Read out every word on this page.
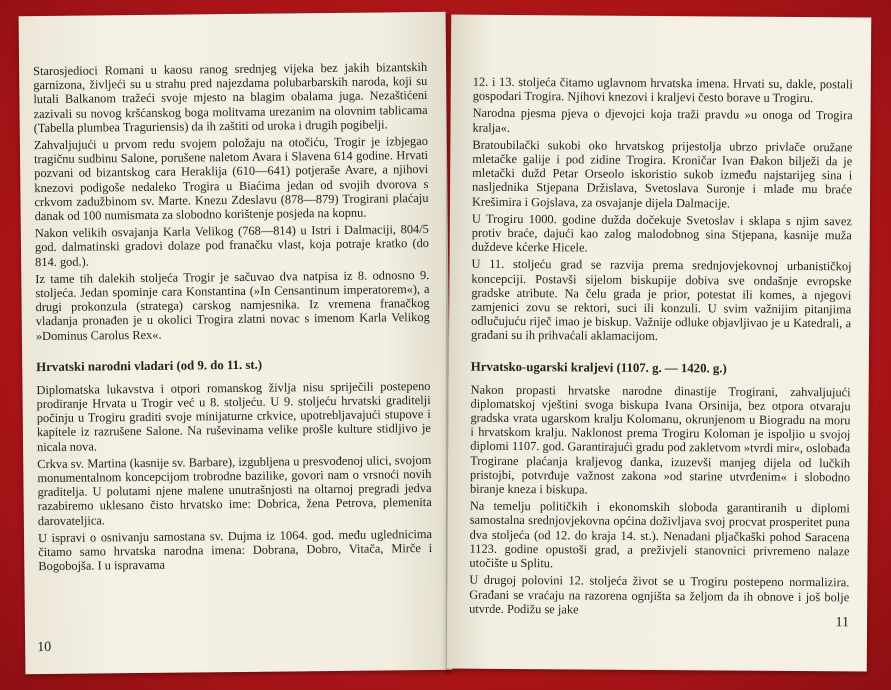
Starosjedioci Romani u kaosu ranog srednjeg vijeka bez jakih bizantskih garnizona, življeći su u strahu pred najezdama polubarbarskih naroda, koji su lutali Balkanom tražeći svoje mjesto na blagim obalama juga. Nezaštićeni zazivali su novog kršćanskog boga molitvama urezanim na olovnim tablicama (Tabella plumbea Traguriensis) da ih zaštiti od uroka i drugih pogibelji.

Zahvaljujući u prvom redu svojem položaju na otočiću, Trogir je izbjegao tragičnu sudbinu Salone, porušene naletom Avara i Slavena 614 godine. Hrvati pozvani od bizantskog cara Heraklija (610—641) potjeraše Avare, a njihovi knezovi podigoše nedaleko Trogira u Biaćima jedan od svojih dvorova s crkvom zadužbinom sv. Marte. Knezu Zdeslavu (878—879) Trogirani plaćaju danak od 100 numismata za slobodno korištenje posjeda na kopnu.

Nakon velikih osvajanja Karla Velikog (768—814) u Istri i Dalmaciji, 804/5 god. dalmatinski gradovi dolaze pod franačku vlast, koja potraje kratko (do 814. god.).

Iz tame tih dalekih stoljeća Trogir je sačuvao dva natpisa iz 8. odnosno 9. stoljeća. Jedan spominje cara Konstantina (»In Censantinum imperatorem«), a drugi prokonzula (stratega) carskog namjesnika. Iz vremena franačkog vladanja pronađen je u okolici Trogira zlatni novac s imenom Karla Velikog »Dominus Carolus Rex«.

Hrvatski narodni vladari (od 9. do 11. st.)

Diplomatska lukavstva i otpori romanskog življa nisu spriječili postepeno prodiranje Hrvata u Trogir već u 8. stoljeću. U 9. stoljeću hrvatski graditelji počinju u Trogiru graditi svoje minijaturne crkvice, upotrebljavajući stupove i kapitele iz razrušene Salone. Na ruševinama velike prošle kulture stidljivo je nicala nova.

Crkva sv. Martina (kasnije sv. Barbare), izgubljena u presvođenoj ulici, svojom monumentalnom koncepcijom trobrodne bazilike, govori nam o vrsnoći novih graditelja. U polutami njene malene unutrašnjosti na oltarnoj pregradi jedva razabiremo uklesano čisto hrvatsko ime: Dobrica, žena Petrova, plemenita darovateljica.

U ispravi o osnivanju samostana sv. Dujma iz 1064. god. među uglednicima čitamo samo hrvatska narodna imena: Dobrana, Dobro, Vitača, Mirče i Bogobojša. I u ispravama

10

12. i 13. stoljeća čitamo uglavnom hrvatska imena. Hrvati su, dakle, postali gospodari Trogira. Njihovi knezovi i kraljevi često borave u Trogiru.

Narodna pjesma pjeva o djevojci koja traži pravdu »u onoga od Trogira kralja«.

Bratoubilački sukobi oko hrvatskog prijestolja ubrzo privlače oružane mletačke galije i pod zidine Trogira. Kroničar Ivan Đakon bilježi da je mletački dužd Petar Orseolo iskoristio sukob između najstarijeg sina i nasljednika Stjepana Držislava, Svetoslava Suronje i mlađe mu braće Krešimira i Gojslava, za osvajanje dijela Dalmacije.

U Trogiru 1000. godine dužda dočekuje Svetoslav i sklapa s njim savez protiv braće, dajući kao zalog malodobnog sina Stjepana, kasnije muža duždeve kćerke Hicele.

U 11. stoljeću grad se razvija prema srednjovjekovnoj urbanističkoj koncepciji. Postavši sijelom biskupije dobiva sve ondašnje evropske gradske atribute. Na čelu grada je prior, potestat ili komes, a njegovi zamjenici zovu se rektori, suci ili konzuli. U svim važnijim pitanjima odlučujuću riječ imao je biskup. Važnije odluke objavljivao je u Katedrali, a građani su ih prihvaćali aklamacijom.

Hrvatsko-ugarski kraljevi (1107. g. — 1420. g.)

Nakon propasti hrvatske narodne dinastije Trogirani, zahvaljujući diplomatskoj vještini svoga biskupa Ivana Orsinija, bez otpora otvaraju gradska vrata ugarskom kralju Kolomanu, okrunjenom u Biogradu na moru i hrvatskom kralju. Naklonost prema Trogiru Koloman je ispoljio u svojoj diplomi 1107. god. Garantirajući gradu pod zakletvom »tvrdi mir«, oslobađa Trogirane plaćanja kraljevog danka, izuzevši manjeg dijela od lučkih pristojbi, potvrđuje važnost zakona »od starine utvrđenim« i slobodno biranje kneza i biskupa.

Na temelju političkih i ekonomskih sloboda garantiranih u diplomi samostalna srednjovjekovna općina doživljava svoj procvat prosperitet puna dva stoljeća (od 12. do kraja 14. st.). Nenadani pljačkaški pohod Saracena 1123. godine opustoši grad, a preživjeli stanovnici privremeno nalaze utočište u Splitu.

U drugoj polovini 12. stoljeća život se u Trogiru postepeno normalizira. Građani se vraćaju na razorena ognjišta sa željom da ih obnove i još bolje utvrde. Podižu se jake

11
